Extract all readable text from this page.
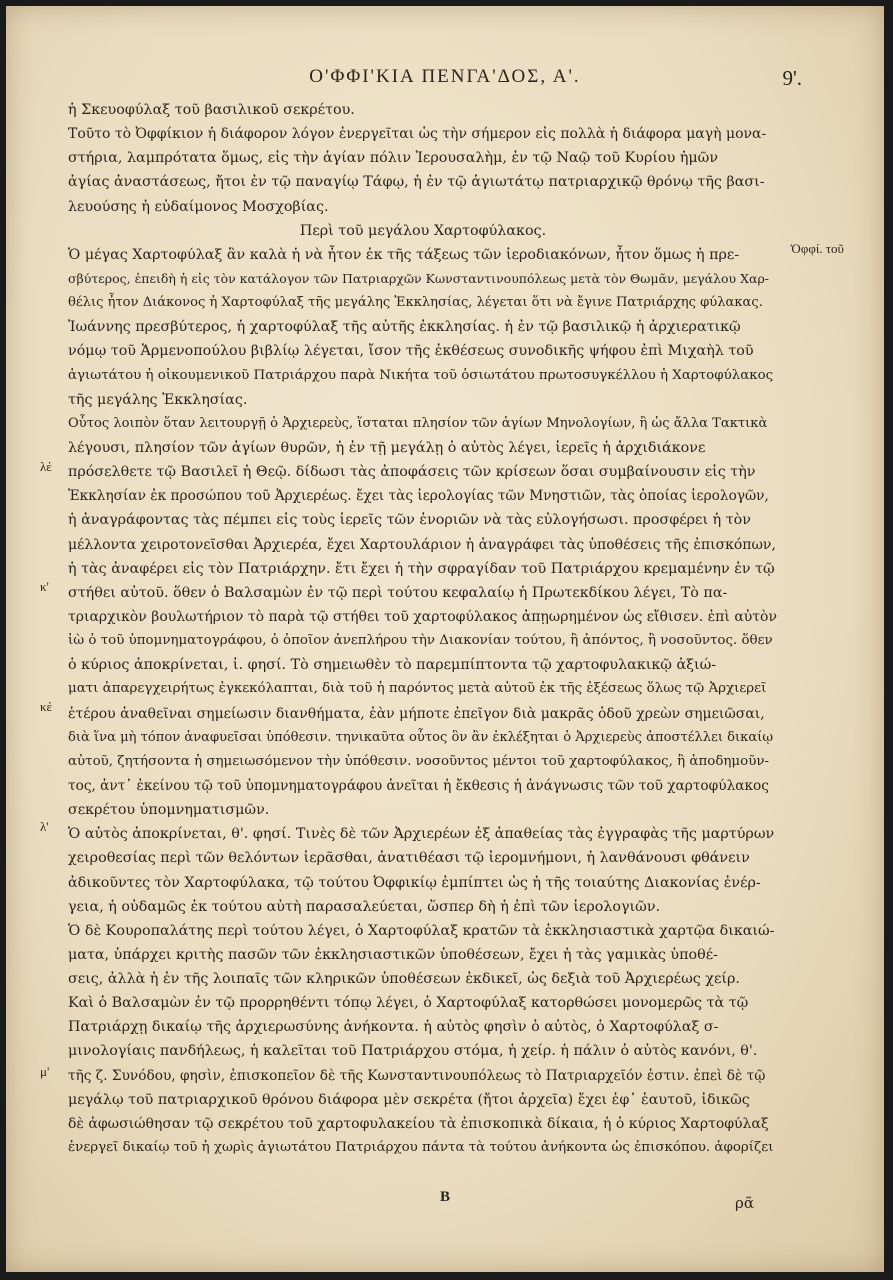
Ο'ΦΦΙ'ΚΙΑ ΠΕΝΓΑ'ΔΟΣ, Α'.	9'.
ἡ Σκευοφύλαξ τοῦ βασιλικοῦ σεκρέτου.
Τοῦτο τὸ Ὀφφίκιον ἡ διάφορον λόγον ἐνεργεῖται ὡς τὴν σήμερον εἰς πολλὰ ἡ διάφορα μαγὴ μονα-
στήρια, λαμπρότατα ὅμως, εἰς τὴν ἁγίαν πόλιν Ἱερουσαλὴμ, ἐν τῷ Ναῷ τοῦ Κυρίου ἡμῶν
ἁγίας ἀναστάσεως, ἤτοι ἐν τῷ παναγίῳ Τάφῳ, ἡ ἐν τῷ ἁγιωτάτῳ πατριαρχικῷ θρόνῳ τῆς βασι-
λευούσης ἡ εὐδαίμονος Μοσχοβίας.
Περὶ τοῦ μεγάλου Χαρτοφύλακος.
Ὁ μέγας Χαρτοφύλαξ ἂν καλὰ ἡ νὰ ἦτον ἐκ τῆς τάξεως τῶν ἱεροδιακόνων, ἦτον ὅμως ἡ πρε-
σβύτερος, ἐπειδὴ ἡ εἰς τὸν κατάλογον τῶν Πατριαρχῶν Κωνσταντινουπόλεως μετὰ τὸν Θωμᾶν, μεγάλου Χαρ-
θέλις ἦτον Διάκονος ἡ Χαρτοφύλαξ τῆς μεγάλης Ἐκκλησίας, λέγεται ὅτι νὰ ἔγινε Πατριάρχης φύλακας.
Ἰωάννης πρεσβύτερος, ἡ χαρτοφύλαξ τῆς αὐτῆς ἐκκλησίας. ἡ ἐν τῷ βασιλικῷ ἡ ἀρχιερατικῷ
νόμῳ τοῦ Ἁρμενοπούλου βιβλίῳ λέγεται, ἴσον τῆς ἐκθέσεως συνοδικῆς ψήφου ἐπὶ Μιχαὴλ τοῦ
ἁγιωτάτου ἡ οἰκουμενικοῦ Πατριάρχου παρὰ Νικήτα τοῦ ὁσιωτάτου πρωτοσυγκέλλου ἡ Χαρτοφύλακος
τῆς μεγάλης Ἐκκλησίας.
Οὗτος λοιπὸν ὅταν λειτουργῇ ὁ Ἀρχιερεὺς, ἵσταται πλησίον τῶν ἁγίων Μηνολογίων, ἢ ὡς ἄλλα Τακτικὰ
λέγουσι, πλησίον τῶν ἁγίων θυρῶν, ἡ ἐν τῇ μεγάλῃ ὁ αὐτὸς λέγει, ἱερεῖς ἡ ἀρχιδιάκονε
πρόσελθετε τῷ Βασιλεῖ ἡ Θεῷ. δίδωσι τὰς ἀποφάσεις τῶν κρίσεων ὅσαι συμβαίνουσιν εἰς τὴν
Ἐκκλησίαν ἐκ προσώπου τοῦ Ἀρχιερέως. ἔχει τὰς ἱερολογίας τῶν Μνηστιῶν, τὰς ὁποίας ἱερολογῶν,
ἡ ἀναγράφοντας τὰς πέμπει εἰς τοὺς ἱερεῖς τῶν ἐνοριῶν νὰ τὰς εὐλογήσωσι. προσφέρει ἡ τὸν
μέλλοντα χειροτονεῖσθαι Ἀρχιερέα, ἔχει Χαρτουλάριον ἡ ἀναγράφει τὰς ὑποθέσεις τῆς ἐπισκόπων,
ἡ τὰς ἀναφέρει εἰς τὸν Πατριάρχην. ἔτι ἔχει ἡ τὴν σφραγίδαν τοῦ Πατριάρχου κρεμαμένην ἐν τῷ
στήθει αὐτοῦ. ὅθεν ὁ Βαλσαμὼν ἐν τῷ περὶ τούτου κεφαλαίῳ ἡ Πρωτεκδίκου λέγει, Τὸ πα-
τριαρχικὸν βουλωτήριον τὸ παρὰ τῷ στήθει τοῦ χαρτοφύλακος ἀπῃωρημένον ὡς εἴθισεν. ἐπὶ αὐτὸν
ἰὼ ὁ τοῦ ὑπομνηματογράφου, ὁ ὁποῖον ἀνεπλήρου τὴν Διακονίαν τούτου, ἢ ἀπόντος, ἢ νοσοῦντος. ὅθεν
ὁ κύριος ἀποκρίνεται, ἰ. φησί. Τὸ σημειωθὲν τὸ παρεμπίπτοντα τῷ χαρτοφυλακικῷ ἀξιώ-
ματι ἀπαρεγχειρήτως ἐγκεκόλαπται, διὰ τοῦ ἡ παρόντος μετὰ αὐτοῦ ἐκ τῆς ἐξέσεως ὅλως τῷ Ἀρχιερεῖ
ἑτέρου ἀναθεῖναι σημείωσιν διανθήματα, ἐὰν μήποτε ἐπεῖγον διὰ μακρᾶς ὁδοῦ χρεὼν σημειῶσαι,
διὰ ἵνα μὴ τόπον ἀναφυεῖσαι ὑπόθεσιν. τηνικαῦτα οὗτος ὃν ἂν ἐκλέξηται ὁ Ἀρχιερεὺς ἀποστέλλει δικαίῳ
αὐτοῦ, ζητήσοντα ἡ σημειωσόμενον τὴν ὑπόθεσιν. νοσοῦντος μέντοι τοῦ χαρτοφύλακος, ἢ ἀποδημοῦν-
τος, ἀντ᾿ ἐκείνου τῷ τοῦ ὑπομνηματογράφου ἀνεῖται ἡ ἔκθεσις ἡ ἀνάγνωσις τῶν τοῦ χαρτοφύλακος
σεκρέτου ὑπομνηματισμῶν.
Ὁ αὐτὸς ἀποκρίνεται, θ'. φησί. Τινὲς δὲ τῶν Ἀρχιερέων ἐξ ἀπαθείας τὰς ἐγγραφὰς τῆς μαρτύρων
χειροθεσίας περὶ τῶν θελόντων ἱερᾶσθαι, ἀνατιθέασι τῷ ἱερομνήμονι, ἡ λανθάνουσι φθάνειν
ἀδικοῦντες τὸν Χαρτοφύλακα, τῷ τούτου Ὀφφικίῳ ἐμπίπτει ὡς ἡ τῆς τοιαύτης Διακονίας ἐνέρ-
γεια, ἡ οὐδαμῶς ἐκ τούτου αὐτὴ παρασαλεύεται, ὥσπερ δὴ ἡ ἐπὶ τῶν ἱερολογιῶν.
Ὁ δὲ Κουροπαλάτης περὶ τούτου λέγει, ὁ Χαρτοφύλαξ κρατῶν τὰ ἐκκλησιαστικὰ χαρτῷα δικαιώ-
ματα, ὑπάρχει κριτὴς πασῶν τῶν ἐκκλησιαστικῶν ὑποθέσεων, ἔχει ἡ τὰς γαμικὰς ὑποθέ-
σεις, ἀλλὰ ἡ ἐν τῆς λοιπαῖς τῶν κληρικῶν ὑποθέσεων ἐκδικεῖ, ὡς δεξιὰ τοῦ Ἀρχιερέως χείρ.
Καὶ ὁ Βαλσαμὼν ἐν τῷ προρρηθέντι τόπῳ λέγει, ὁ Χαρτοφύλαξ κατορθώσει μονομερῶς τὰ τῷ
Πατριάρχῃ δικαίῳ τῆς ἀρχιερωσύνης ἀνήκοντα. ἡ αὐτὸς φησὶν ὁ αὐτὸς, ὁ Χαρτοφύλαξ σ-
μινολογίαις πανδήλεως, ἡ καλεῖται τοῦ Πατριάρχου στόμα, ἡ χείρ. ἡ πάλιν ὁ αὐτὸς κανόνι, θ'.
τῆς ζ. Συνόδου, φησὶν, ἐπισκοπεῖον δὲ τῆς Κωνσταντινουπόλεως τὸ Πατριαρχεῖόν ἐστιν. ἐπεὶ δὲ τῷ
μεγάλῳ τοῦ πατριαρχικοῦ θρόνου διάφορα μὲν σεκρέτα (ἤτοι ἀρχεῖα) ἔχει ἐφ᾿ ἑαυτοῦ, ἰδικῶς
δὲ ἀφωσιώθησαν τῷ σεκρέτου τοῦ χαρτοφυλακείου τὰ ἐπισκοπικὰ δίκαια, ἡ ὁ κύριος Χαρτοφύλαξ
ἐνεργεῖ δικαίῳ τοῦ ἡ χωρὶς ἁγιωτάτου Πατριάρχου πάντα τὰ τούτου ἀνήκοντα ὡς ἐπισκόπου. ἀφορίζει
Ὀφφί. τοῦ
λέ
κ'
κέ
λ'
μ'
B	ρᾶ
